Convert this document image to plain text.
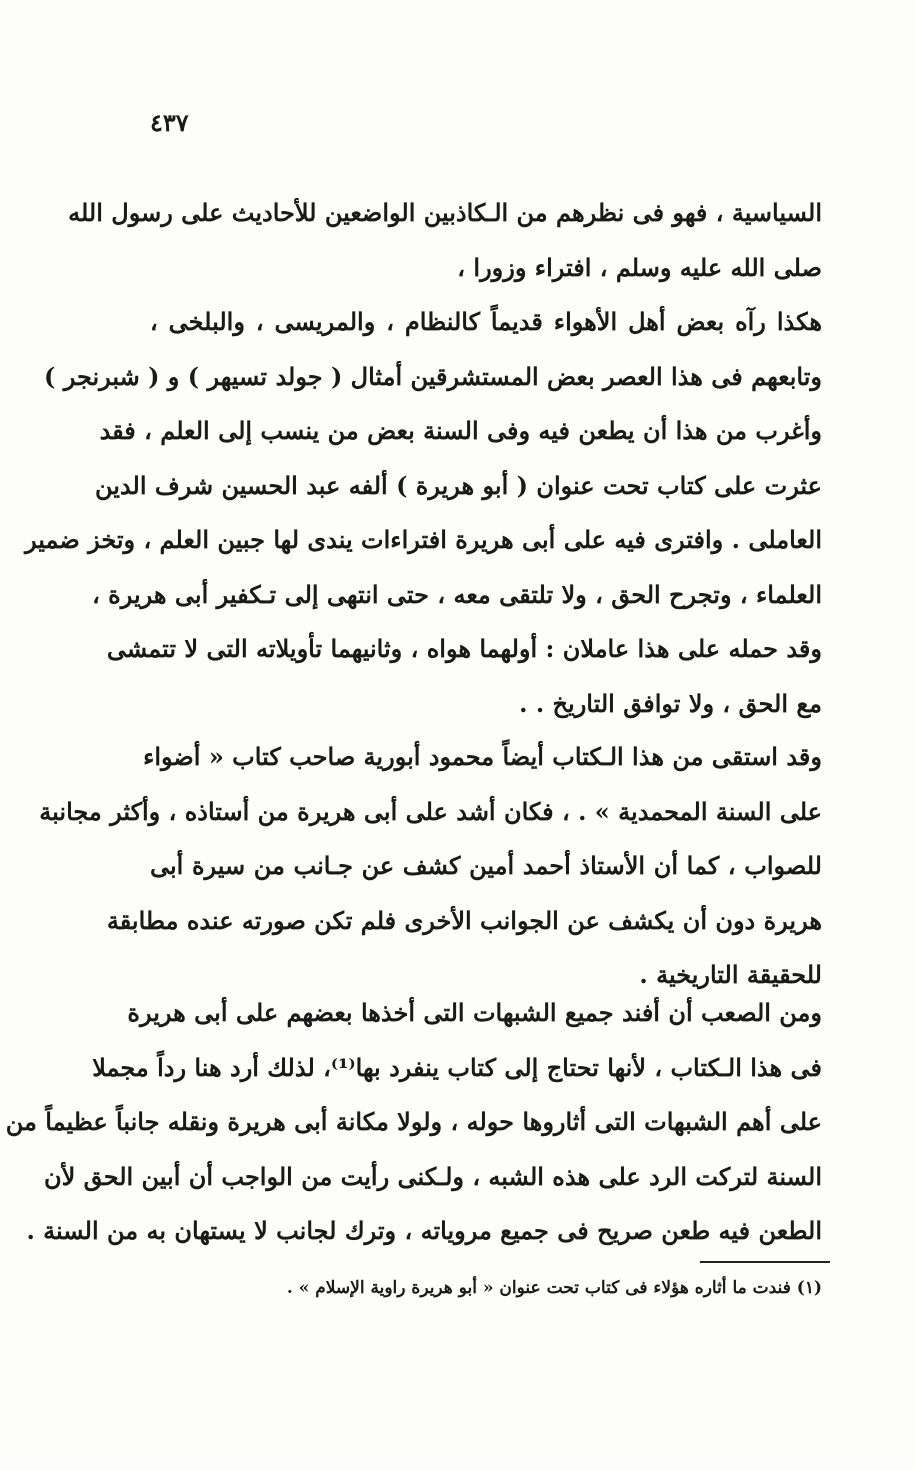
٤٣٧
السياسية ، فهو فى نظرهم من الـكاذبين الواضعين للأحاديث على رسول الله
صلى الله عليه وسلم ، افتراء وزورا ،
هكذا رآه بعض أهل الأهواء قديماً كالنظام ، والمريسى ، والبلخى ،
وتابعهم فى هذا العصر بعض المستشرقين أمثال ( جولد تسيهر ) و ( شبرنجر )
وأغرب من هذا أن يطعن فيه وفى السنة بعض من ينسب إلى العلم ، فقد
عثرت على كتاب تحت عنوان ( أبو هريرة ) ألفه عبد الحسين شرف الدين
العاملى . وافترى فيه على أبى هريرة افتراءات يندى لها جبين العلم ، وتخز ضمير
العلماء ، وتجرح الحق ، ولا تلتقى معه ، حتى انتهى إلى تـكفير أبى هريرة ،
وقد حمله على هذا عاملان : أولهما هواه ، وثانيهما تأويلاته التى لا تتمشى
مع الحق ، ولا توافق التاريخ . .
وقد استقى من هذا الـكتاب أيضاً محمود أبورية صاحب كتاب « أضواء
على السنة المحمدية » . ، فكان أشد على أبى هريرة من أستاذه ، وأكثر مجانبة
للصواب ، كما أن الأستاذ أحمد أمين كشف عن جـانب من سيرة أبى
هريرة دون أن يكشف عن الجوانب الأخرى فلم تكن صورته عنده مطابقة
للحقيقة التاريخية .
ومن الصعب أن أفند جميع الشبهات التى أخذها بعضهم على أبى هريرة
فى هذا الـكتاب ، لأنها تحتاج إلى كتاب ينفرد بها⁽¹⁾، لذلك أرد هنا رداً مجملا
على أهم الشبهات التى أثاروها حوله ، ولولا مكانة أبى هريرة ونقله جانباً عظيماً من
السنة لتركت الرد على هذه الشبه ، ولـكنى رأيت من الواجب أن أبين الحق لأن
الطعن فيه طعن صريح فى جميع مروياته ، وترك لجانب لا يستهان به من السنة .
(١) فندت ما أثاره هؤلاء فى كتاب تحت عنوان « أبو هريرة راوية الإسلام » .
